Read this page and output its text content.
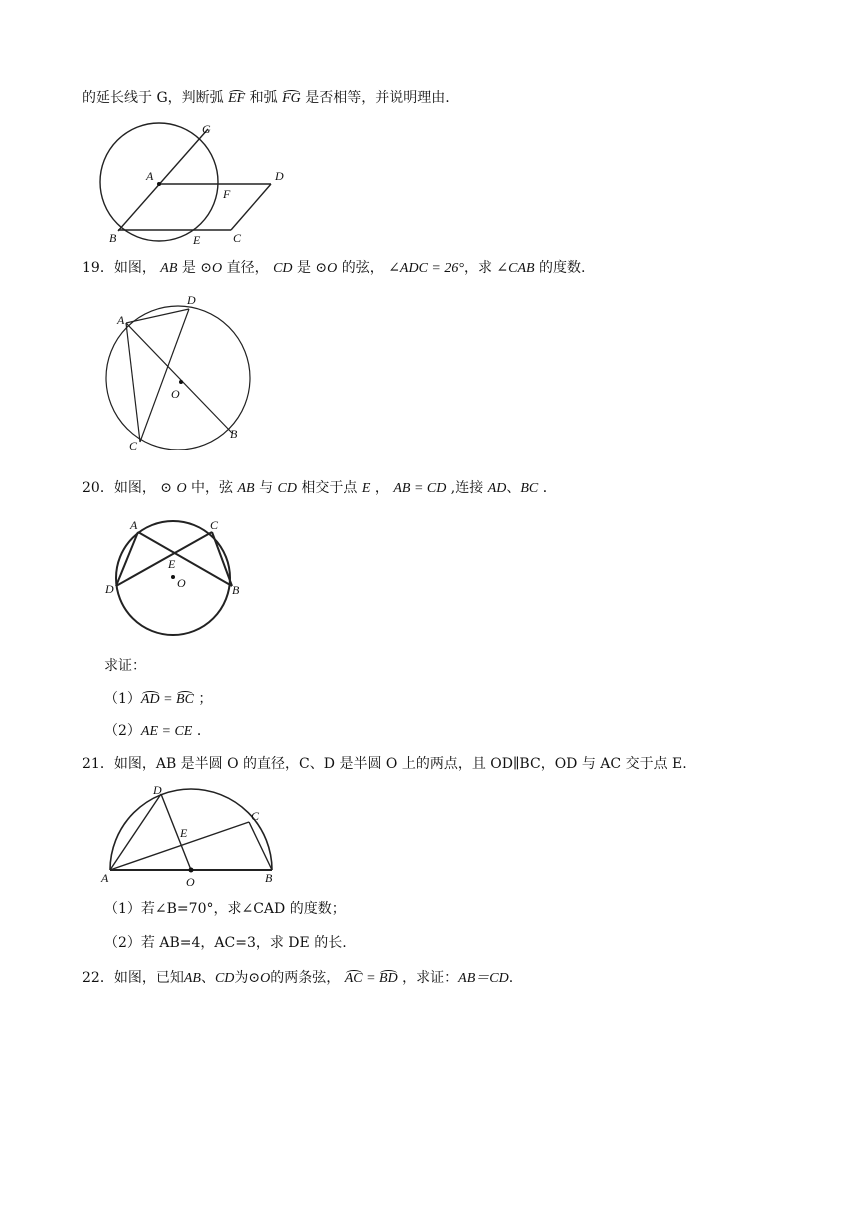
的延长线于 G，判断弧 EF 和弧 FG 是否相等，并说明理由.
G
A	D
F
B	E	C
19．如图， AB 是 ⊙O 直径， CD 是 ⊙O 的弦， ∠ADC = 26°，求 ∠CAB 的度数.
A
D
O
C
B
20．如图， ⊙ O 中，弦 AB 与 CD 相交于点 E ， AB = CD ,连接 AD、BC ．
A	C
E
O
D	B
求证：
（1）AD = BC ；
（2）AE = CE ．
21．如图，AB 是半圆 O 的直径，C、D 是半圆 O 上的两点，且 OD∥BC，OD 与 AC 交于点 E.
D
C
E
A	O	B
（1）若∠B=70°，求∠CAD 的度数；
（2）若 AB=4，AC=3，求 DE 的长.
22．如图，已知AB、CD为⊙O的两条弦， AC = BD ，求证：AB＝CD.
